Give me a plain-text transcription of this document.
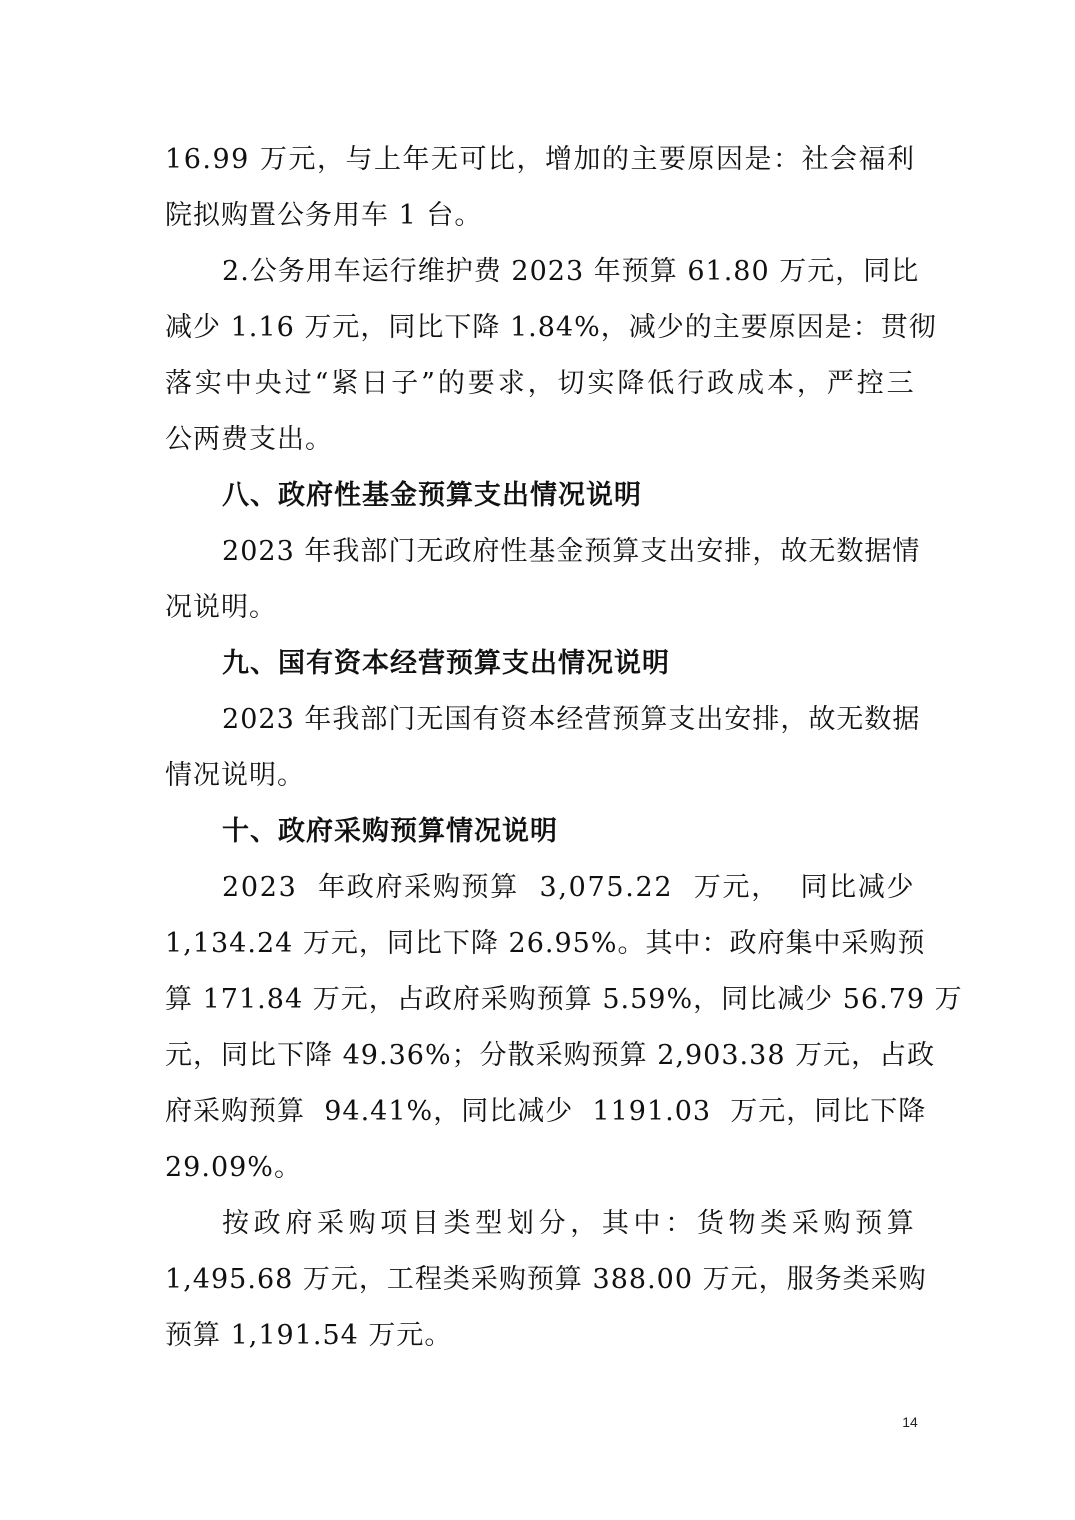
1 6 . 9 9
万 元 ， 与 上 年 无 可 比 ， 增 加 的 主 要 原 因 是 ： 社 会 福 利
院拟购置公务用车 1 台。
2 . 公 务 用 车 运 行 维 护 费
2 0 2 3
年 预 算
6 1 . 8 0
万 元 ， 同 比
减 少
1 . 1 6
万 元 ， 同 比 下 降
1 . 8 4 % ， 减 少 的 主 要 原 因 是 ： 贯 彻
落 实 中 央 过 “ 紧 日 子 ” 的 要 求 ， 切 实 降 低 行 政 成 本 ， 严 控 三
公两费支出。
八、政府性基金预算支出情况说明
2 0 2 3
年 我 部 门 无 政 府 性 基 金 预 算 支 出 安 排 ， 故 无 数 据 情
况说明。
九、国有资本经营预算支出情况说明
2 0 2 3
年 我 部 门 无 国 有 资 本 经 营 预 算 支 出 安 排 ， 故 无 数 据
情况说明。
十、政府采购预算情况说明
2 0 2 3

年 政 府 采 购 预 算

3 , 0 7 5 . 2 2

万 元 ，

同 比 减 少
1 , 1 3 4 . 2 4
万 元 ， 同 比 下 降
2 6 . 9 5 % 。 其 中 ： 政 府 集 中 采 购 预
算
1 7 1 . 8 4
万 元 ， 占 政 府 采 购 预 算
5 . 5 9 % ， 同 比 减 少
5 6 . 7 9
万
元 ， 同 比 下 降
4 9 . 3 6 % ； 分 散 采 购 预 算
2 , 9 0 3 . 3 8
万 元 ， 占 政
府 采 购 预 算

9 4 . 4 1 % ， 同 比 减 少

1 1 9 1 . 0 3

万 元 ， 同 比 下 降
29.09%。
按 政 府 采 购 项 目 类 型 划 分 ， 其 中 ： 货 物 类 采 购 预 算
1 , 4 9 5 . 6 8
万 元 ， 工 程 类 采 购 预 算
3 8 8 . 0 0
万 元 ， 服 务 类 采 购
预算 1,191.54 万元。
14
